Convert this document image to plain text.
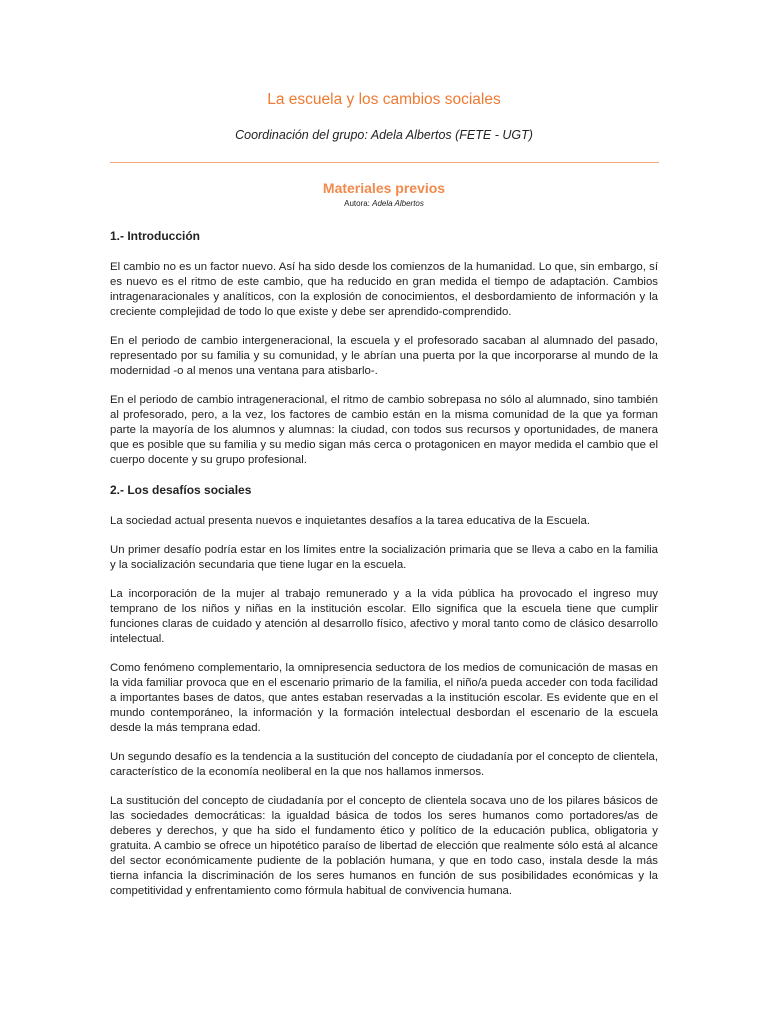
La escuela y los cambios sociales

Coordinación del grupo: Adela Albertos (FETE - UGT)

Materiales previos

Autora: Adela Albertos

1.- Introducción

El cambio no es un factor nuevo. Así ha sido desde los comienzos de la humanidad. Lo que, sin embargo, sí es nuevo es el ritmo de este cambio, que ha reducido en gran medida el tiempo de adaptación. Cambios intragenaracionales y analíticos, con la explosión de conocimientos, el desbordamiento de información y la creciente complejidad de todo lo que existe y debe ser aprendido-comprendido.

En el periodo de cambio intergeneracional, la escuela y el profesorado sacaban al alumnado del pasado, representado por su familia y su comunidad, y le abrían una puerta por la que incorporarse al mundo de la modernidad -o al menos una ventana para atisbarlo-.

En el periodo de cambio intrageneracional, el ritmo de cambio sobrepasa no sólo al alumnado, sino también al profesorado, pero, a la vez, los factores de cambio están en la misma comunidad de la que ya forman parte la mayoría de los alumnos y alumnas: la ciudad, con todos sus recursos y oportunidades, de manera que es posible que su familia y su medio sigan más cerca o protagonicen en mayor medida el cambio que el cuerpo docente y su grupo profesional.

2.- Los desafíos sociales

La sociedad actual presenta nuevos e inquietantes desafíos a la tarea educativa de la Escuela.

Un primer desafío podría estar en los límites entre la socialización primaria que se lleva a cabo en la familia y la socialización secundaria que tiene lugar en la escuela.

La incorporación de la mujer al trabajo remunerado y a la vida pública ha provocado el ingreso muy temprano de los niños y niñas en la institución escolar. Ello significa que la escuela tiene que cumplir funciones claras de cuidado y atención al desarrollo físico, afectivo y moral tanto como de clásico desarrollo intelectual.

Como fenómeno complementario, la omnipresencia seductora de los medios de comunicación de masas en la vida familiar provoca que en el escenario primario de la familia, el niño/a pueda acceder con toda facilidad a importantes bases de datos, que antes estaban reservadas a la institución escolar. Es evidente que en el mundo contemporáneo, la información y la formación intelectual desbordan el escenario de la escuela desde la más temprana edad.

Un segundo desafío es la tendencia a la sustitución del concepto de ciudadanía por el concepto de clientela, característico de la economía neoliberal en la que nos hallamos inmersos.

La sustitución del concepto de ciudadanía por el concepto de clientela socava uno de los pilares básicos de las sociedades democráticas: la igualdad básica de todos los seres humanos como portadores/as de deberes y derechos, y que ha sido el fundamento ético y político de la educación publica, obligatoria y gratuita. A cambio se ofrece un hipotético paraíso de libertad de elección que realmente sólo está al alcance del sector económicamente pudiente de la población humana, y que en todo caso, instala desde la más tierna infancia la discriminación de los seres humanos en función de sus posibilidades económicas y la competitividad y enfrentamiento como fórmula habitual de convivencia humana.
